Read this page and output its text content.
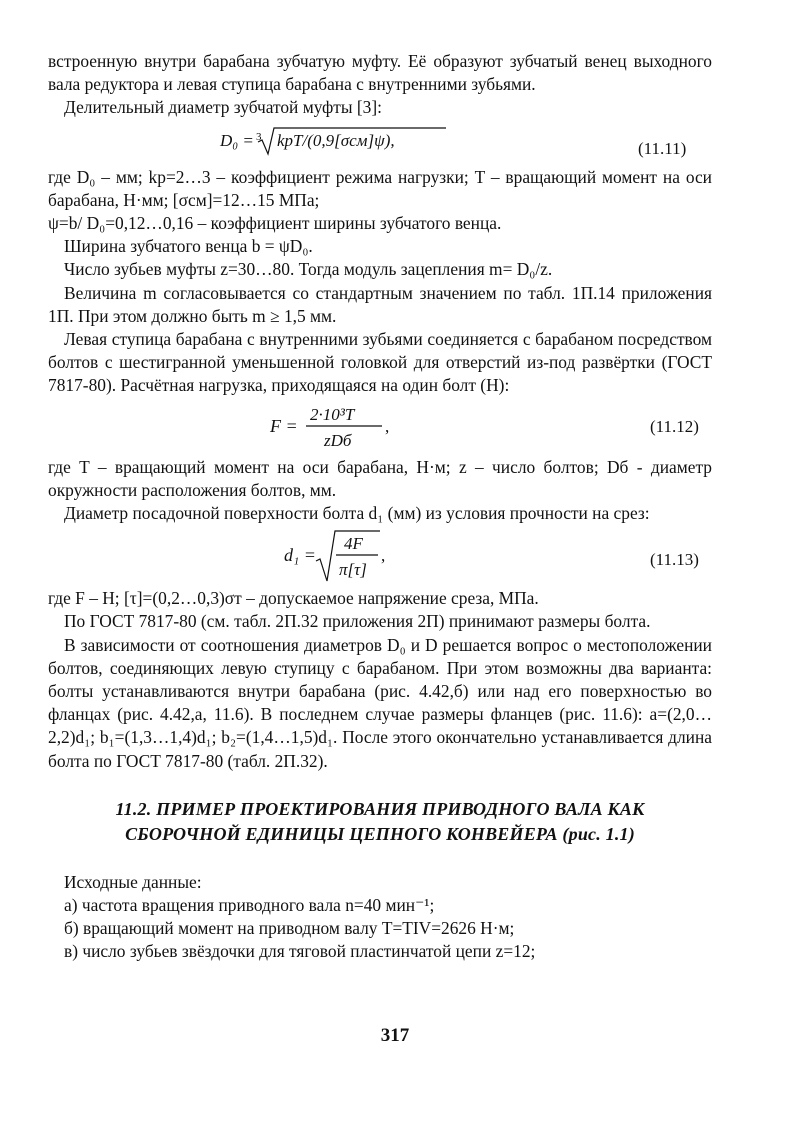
встроенную внутри барабана зубчатую муфту. Её образуют зубчатый венец выходного вала редуктора и левая ступица барабана с внутренними зубьями.

Делительный диаметр зубчатой муфты [3]:

D₀ = 3 kрT/(0,9[σсм]ψ),	(11.11)

где D₀ – мм; kр=2…3 – коэффициент режима нагрузки; T – вращающий момент на оси барабана, Н·мм; [σсм]=12…15 МПа;

ψ=b/ D₀=0,12…0,16 – коэффициент ширины зубчатого венца.

Ширина зубчатого венца b = ψD₀.

Число зубьев муфты z=30…80. Тогда модуль зацепления m= D₀/z.

Величина m согласовывается со стандартным значением по табл. 1П.14 приложения 1П. При этом должно быть m ≥ 1,5 мм.

Левая ступица барабана с внутренними зубьями соединяется с барабаном посредством болтов с шестигранной уменьшенной головкой для отверстий из-под развёртки (ГОСТ 7817-80). Расчётная нагрузка, приходящаяся на один болт (Н):

F =
2·10³T
zDб
,	(11.12)

где T – вращающий момент на оси барабана, Н·м; z – число болтов; Dб - диаметр окружности расположения болтов, мм.

Диаметр посадочной поверхности болта d₁ (мм) из условия прочности на срез:

d₁ =
4F
π[τ]
,	(11.13)

где F – Н; [τ]=(0,2…0,3)σт – допускаемое напряжение среза, МПа.

По ГОСТ 7817-80 (см. табл. 2П.32 приложения 2П) принимают размеры болта.

В зависимости от соотношения диаметров D₀ и D решается вопрос о местоположении болтов, соединяющих левую ступицу с барабаном. При этом возможны два варианта: болты устанавливаются внутри барабана (рис. 4.42,б) или над его поверхностью во фланцах (рис. 4.42,а, 11.6). В последнем случае размеры фланцев (рис. 11.6): a=(2,0…2,2)d₁; b₁=(1,3…1,4)d₁; b₂=(1,4…1,5)d₁. После этого окончательно устанавливается длина болта по ГОСТ 7817-80 (табл. 2П.32).

11.2. ПРИМЕР ПРОЕКТИРОВАНИЯ ПРИВОДНОГО ВАЛА КАК
СБОРОЧНОЙ ЕДИНИЦЫ ЦЕПНОГО КОНВЕЙЕРА (рис. 1.1)

Исходные данные:

а) частота вращения приводного вала n=40 мин⁻¹;

б) вращающий момент на приводном валу T=TIV=2626 Н·м;

в) число зубьев звёздочки для тяговой пластинчатой цепи z=12;

317
